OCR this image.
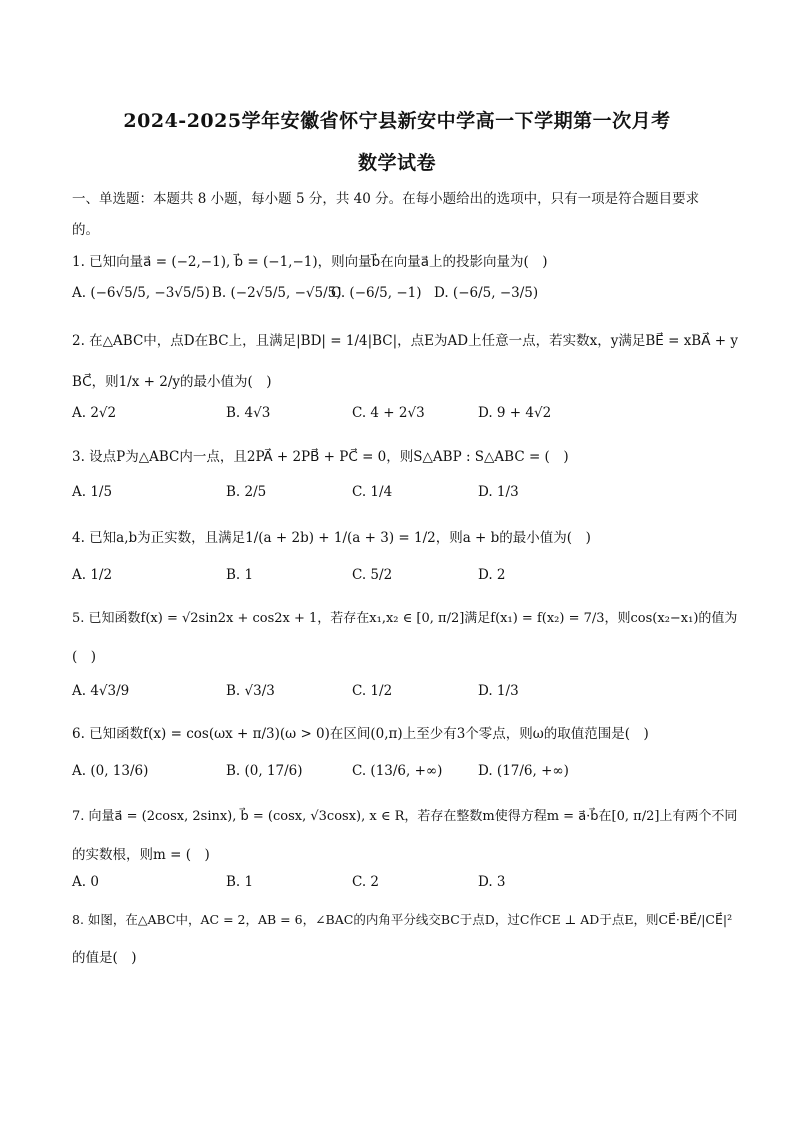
2024-2025学年安徽省怀宁县新安中学高一下学期第一次月考
数学试卷
一、单选题：本题共 8 小题，每小题 5 分，共 40 分。在每小题给出的选项中，只有一项是符合题目要求
的。
1. 已知向量a⃗ = (−2,−1), b⃗ = (−1,−1)，则向量b⃗在向量a⃗上的投影向量为(　)
A. (−6√5/5, −3√5/5) B. (−2√5/5, −√5/5)
C. (−6/5, −1) D. (−6/5, −3/5)
2. 在△ABC中，点D在BC上，且满足|BD| = 1/4|BC|，点E为AD上任意一点，若实数x，y满足BE⃗ = xBA⃗ + y
BC⃗，则1/x + 2/y的最小值为(　)
A. 2√2	B. 4√3	C. 4 + 2√3	D. 9 + 4√2
3. 设点P为△ABC内一点，且2PA⃗ + 2PB⃗ + PC⃗ = 0，则S△ABP : S△ABC = (　)
A. 1/5	B. 2/5	C. 1/4	D. 1/3
4. 已知a,b为正实数，且满足1/(a + 2b) + 1/(a + 3) = 1/2，则a + b的最小值为(　)
A. 1/2	B. 1	C. 5/2	D. 2
5. 已知函数f(x) = √2sin2x + cos2x + 1，若存在x₁,x₂ ∈ [0, π/2]满足f(x₁) = f(x₂) = 7/3，则cos(x₂−x₁)的值为
(　)
A. 4√3/9	B. √3/3	C. 1/2	D. 1/3
6. 已知函数f(x) = cos(ωx + π/3)(ω > 0)在区间(0,π)上至少有3个零点，则ω的取值范围是(　)
A. (0, 13/6)	B. (0, 17/6)	C. (13/6, +∞)	D. (17/6, +∞)
7. 向量a⃗ = (2cosx, 2sinx), b⃗ = (cosx, √3cosx), x ∈ R，若存在整数m使得方程m = a⃗·b⃗在[0, π/2]上有两个不同
的实数根，则m = (　)
A. 0	B. 1	C. 2	D. 3
8. 如图，在△ABC中，AC = 2，AB = 6，∠BAC的内角平分线交BC于点D，过C作CE ⊥ AD于点E，则CE⃗·BE⃗/|CE⃗|²
的值是(　)
